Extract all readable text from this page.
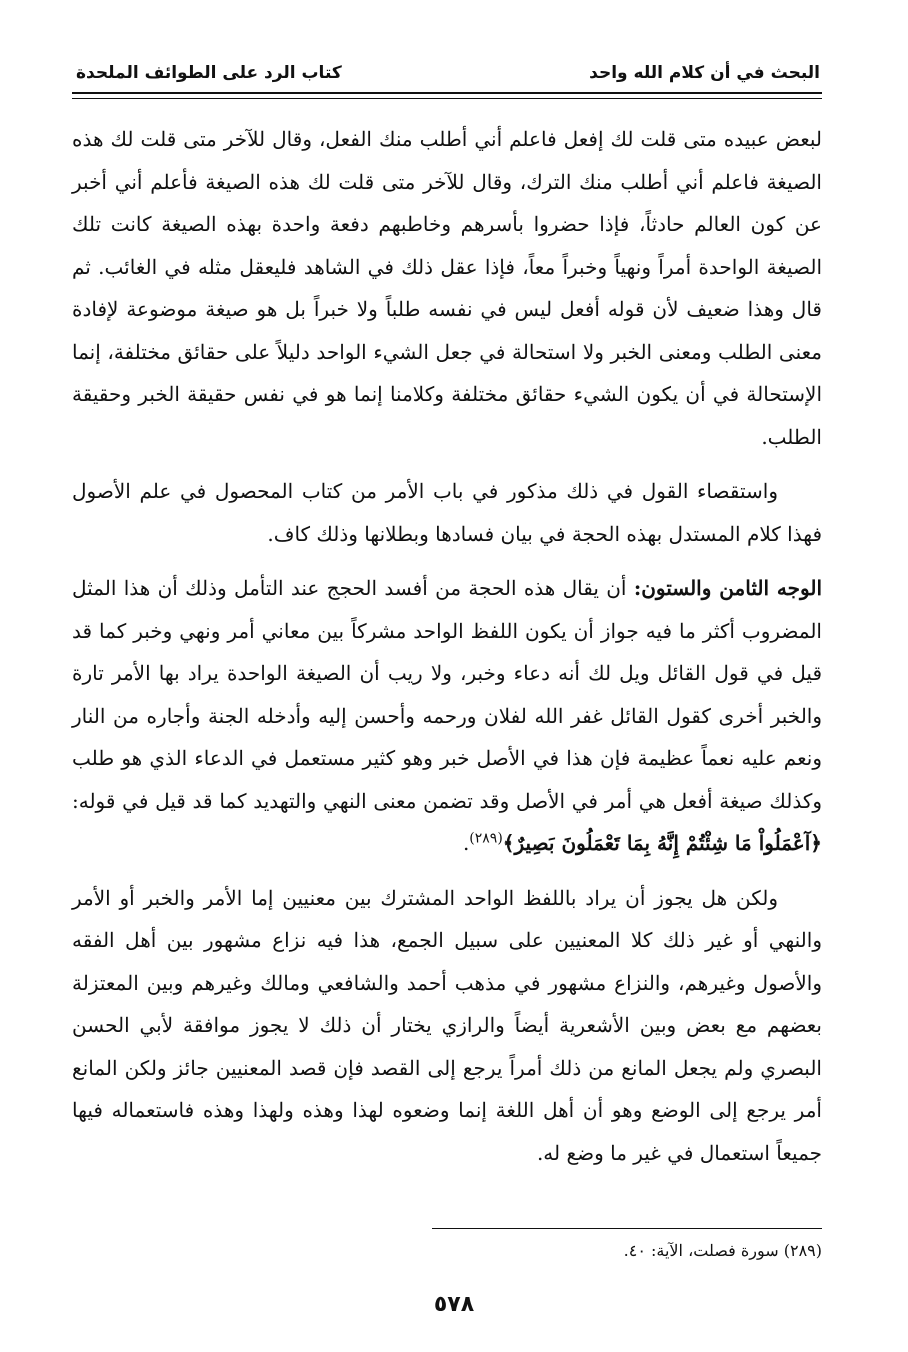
البحث في أن كلام الله واحد
كتاب الرد على الطوائف الملحدة

لبعض عبيده متى قلت لك إفعل فاعلم أني أطلب منك الفعل، وقال للآخر متى قلت لك هذه الصيغة فاعلم أني أطلب منك الترك، وقال للآخر متى قلت لك هذه الصيغة فأعلم أني أخبر عن كون العالم حادثاً، فإذا حضروا بأسرهم وخاطبهم دفعة واحدة بهذه الصيغة كانت تلك الصيغة الواحدة أمراً ونهياً وخبراً معاً، فإذا عقل ذلك في الشاهد فليعقل مثله في الغائب. ثم قال وهذا ضعيف لأن قوله أفعل ليس في نفسه طلباً ولا خبراً بل هو صيغة موضوعة لإفادة معنى الطلب ومعنى الخبر ولا استحالة في جعل الشيء الواحد دليلاً على حقائق مختلفة، إنما الإستحالة في أن يكون الشيء حقائق مختلفة وكلامنا إنما هو في نفس حقيقة الخبر وحقيقة الطلب.

واستقصاء القول في ذلك مذكور في باب الأمر من كتاب المحصول في علم الأصول فهذا كلام المستدل بهذه الحجة في بيان فسادها وبطلانها وذلك كاف.

الوجه الثامن والستون: أن يقال هذه الحجة من أفسد الحجج عند التأمل وذلك أن هذا المثل المضروب أكثر ما فيه جواز أن يكون اللفظ الواحد مشركاً بين معاني أمر ونهي وخبر كما قد قيل في قول القائل ويل لك أنه دعاء وخبر، ولا ريب أن الصيغة الواحدة يراد بها الأمر تارة والخبر أخرى كقول القائل غفر الله لفلان ورحمه وأحسن إليه وأدخله الجنة وأجاره من النار ونعم عليه نعماً عظيمة فإن هذا في الأصل خبر وهو كثير مستعمل في الدعاء الذي هو طلب وكذلك صيغة أفعل هي أمر في الأصل وقد تضمن معنى النهي والتهديد كما قد قيل في قوله: ﴿آعْمَلُواْ مَا شِئْتُمْ إِنَّهُ بِمَا تَعْمَلُونَ بَصِيرٌ﴾$^{(٢٨٩)}$.

ولكن هل يجوز أن يراد باللفظ الواحد المشترك بين معنيين إما الأمر والخبر أو الأمر والنهي أو غير ذلك كلا المعنيين على سبيل الجمع، هذا فيه نزاع مشهور بين أهل الفقه والأصول وغيرهم، والنزاع مشهور في مذهب أحمد والشافعي ومالك وغيرهم وبين المعتزلة بعضهم مع بعض وبين الأشعرية أيضاً والرازي يختار أن ذلك لا يجوز موافقة لأبي الحسن البصري ولم يجعل المانع من ذلك أمراً يرجع إلى القصد فإن قصد المعنيين جائز ولكن المانع أمر يرجع إلى الوضع وهو أن أهل اللغة إنما وضعوه لهذا وهذه ولهذا وهذه فاستعماله فيها جميعاً استعمال في غير ما وضع له.

(٢٨٩) سورة فصلت، الآية: ٤٠.
٥٧٨
